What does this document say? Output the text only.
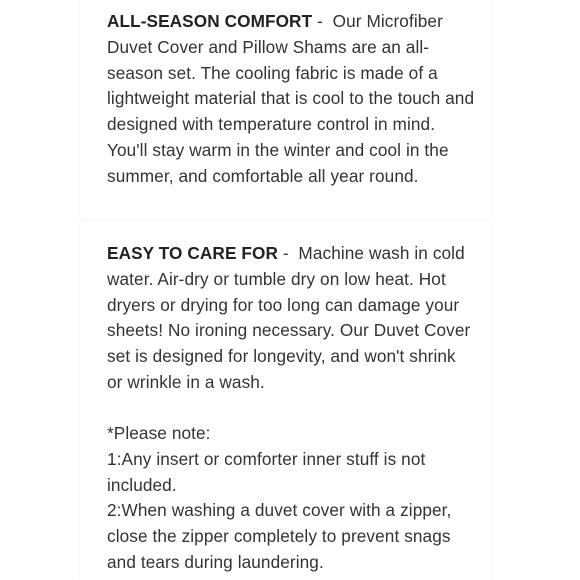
ALL-SEASON COMFORT -  Our Microfiber
Duvet Cover and Pillow Shams are an all-
season set. The cooling fabric is made of a
lightweight material that is cool to the touch and
designed with temperature control in mind.
You'll stay warm in the winter and cool in the
summer, and comfortable all year round.
EASY TO CARE FOR -  Machine wash in cold
water. Air-dry or tumble dry on low heat. Hot
dryers or drying for too long can damage your
sheets! No ironing necessary. Our Duvet Cover
set is designed for longevity, and won't shrink
or wrinkle in a wash.
*Please note:
1:Any insert or comforter inner stuff is not
included.
2:When washing a duvet cover with a zipper,
close the zipper completely to prevent snags
and tears during laundering.
